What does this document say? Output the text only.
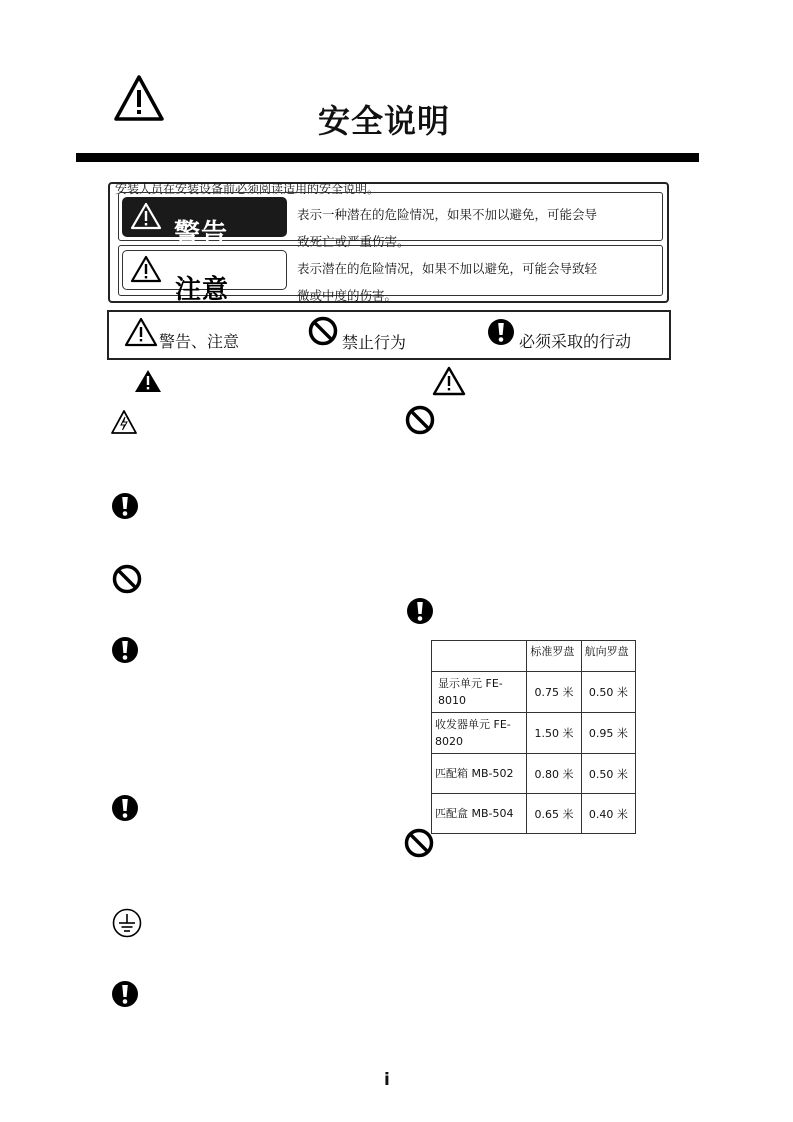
安全说明
安装人员在安装设备前必须阅读适用的安全说明。
警告
表示一种潜在的危险情况，如果不加以避免，可能会导
致死亡或严重伤害。
注意
表示潜在的危险情况，如果不加以避免，可能会导致轻
微或中度的伤害。
警告、注意	禁止行为	必须采取的行动
	标准罗盘	航向罗盘
显示单元 FE-8010	0.75 米	0.50 米
收发器单元 FE-8020	1.50 米	0.95 米
匹配箱 MB-502	0.80 米	0.50 米
匹配盒 MB-504	0.65 米	0.40 米
i
